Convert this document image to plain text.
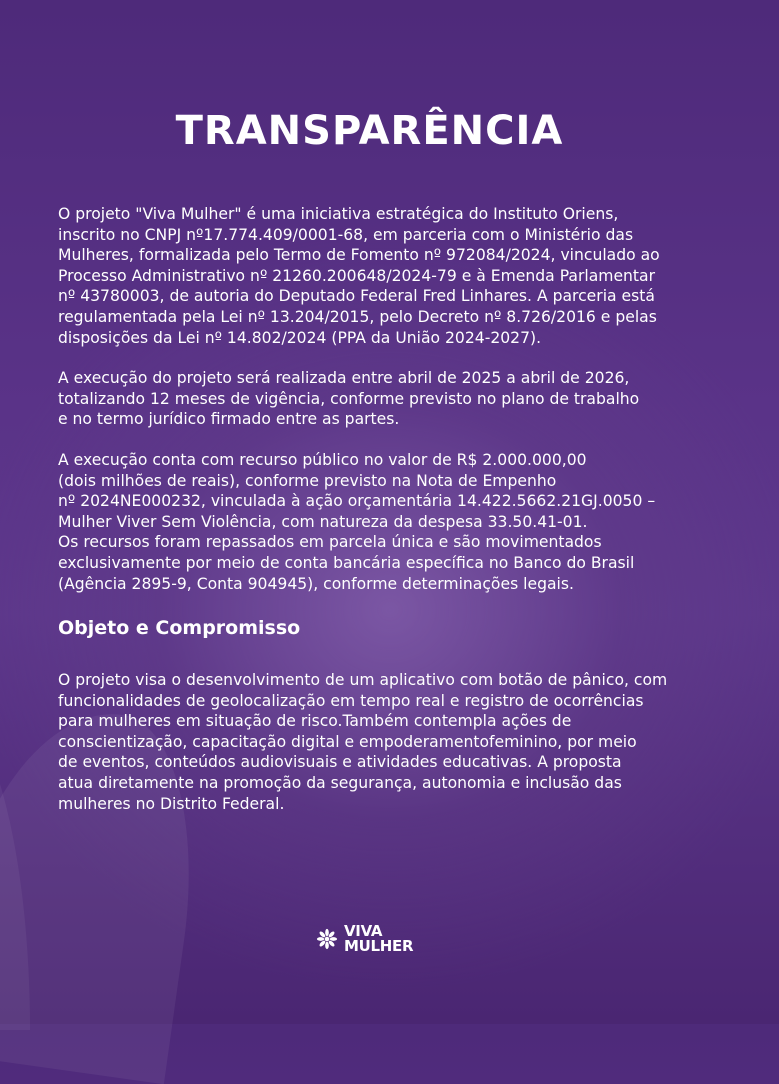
TRANSPARÊNCIA

O projeto "Viva Mulher" é uma iniciativa estratégica do Instituto Oriens,
inscrito no CNPJ nº17.774.409/0001-68, em parceria com o Ministério das
Mulheres, formalizada pelo Termo de Fomento nº 972084/2024, vinculado ao
Processo Administrativo nº 21260.200648/2024-79 e à Emenda Parlamentar
nº 43780003, de autoria do Deputado Federal Fred Linhares. A parceria está
regulamentada pela Lei nº 13.204/2015, pelo Decreto nº 8.726/2016 e pelas
disposições da Lei nº 14.802/2024 (PPA da União 2024-2027).

A execução do projeto será realizada entre abril de 2025 a abril de 2026,
totalizando 12 meses de vigência, conforme previsto no plano de trabalho
e no termo jurídico firmado entre as partes.

A execução conta com recurso público no valor de R$ 2.000.000,00
(dois milhões de reais), conforme previsto na Nota de Empenho
nº 2024NE000232, vinculada à ação orçamentária 14.422.5662.21GJ.0050 –
Mulher Viver Sem Violência, com natureza da despesa 33.50.41-01.
Os recursos foram repassados em parcela única e são movimentados
exclusivamente por meio de conta bancária específica no Banco do Brasil
(Agência 2895-9, Conta 904945), conforme determinações legais.

Objeto e Compromisso

O projeto visa o desenvolvimento de um aplicativo com botão de pânico, com
funcionalidades de geolocalização em tempo real e registro de ocorrências
para mulheres em situação de risco.Também contempla ações de
conscientização, capacitação digital e empoderamentofeminino, por meio
de eventos, conteúdos audiovisuais e atividades educativas. A proposta
atua diretamente na promoção da segurança, autonomia e inclusão das
mulheres no Distrito Federal.

VIVA
MULHER
